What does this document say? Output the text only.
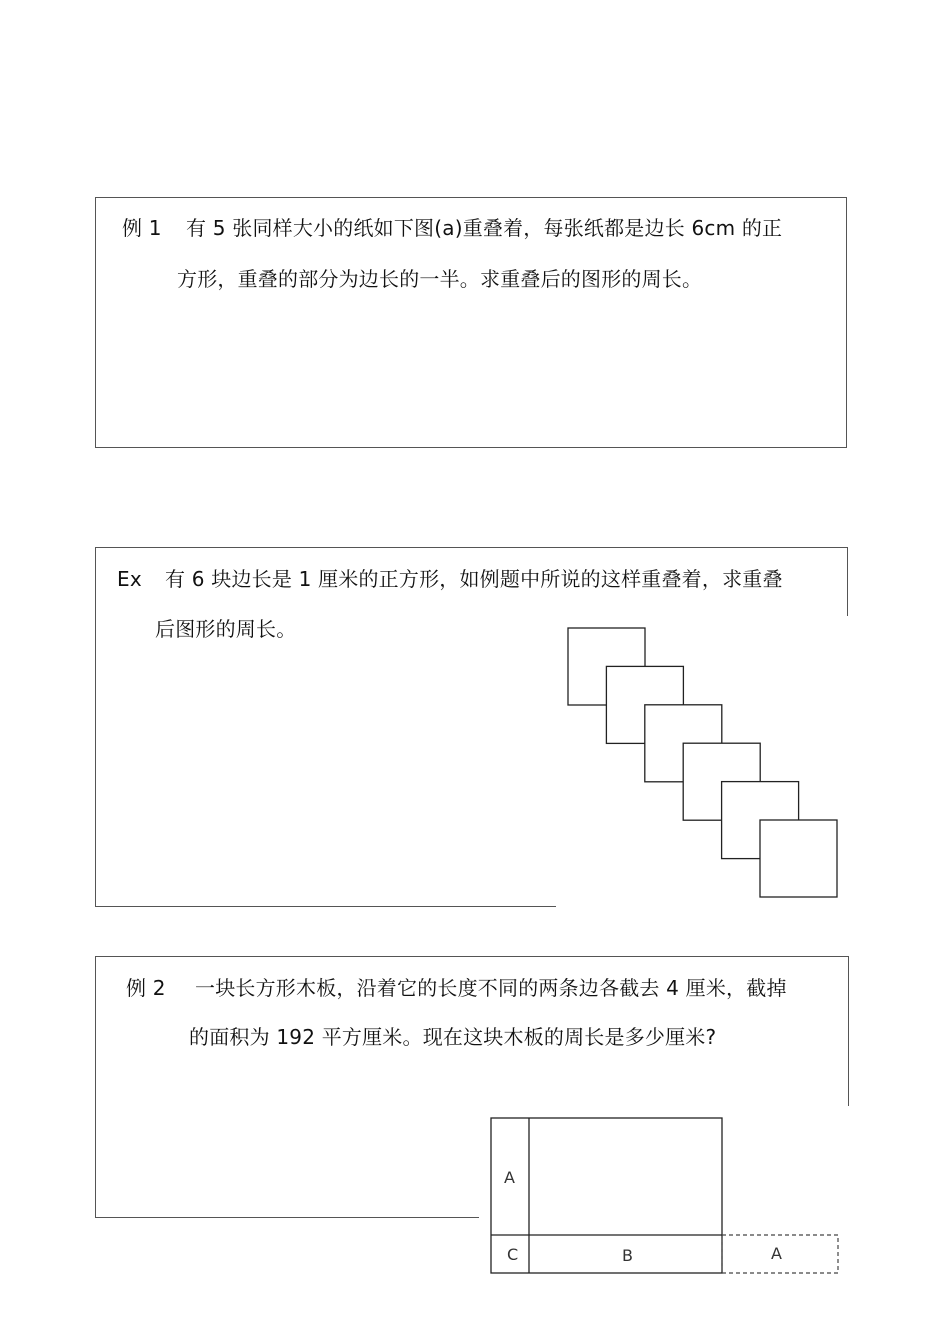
例 1 有 5 张同样大小的纸如下图(a)重叠着，每张纸都是边长 6cm 的正
方形，重叠的部分为边长的一半。求重叠后的图形的周长。
Ex 有 6 块边长是 1 厘米的正方形，如例题中所说的这样重叠着，求重叠
后图形的周长。
例 2 一块长方形木板，沿着它的长度不同的两条边各截去 4 厘米，截掉
的面积为 192 平方厘米。现在这块木板的周长是多少厘米?
A
C	B	A
